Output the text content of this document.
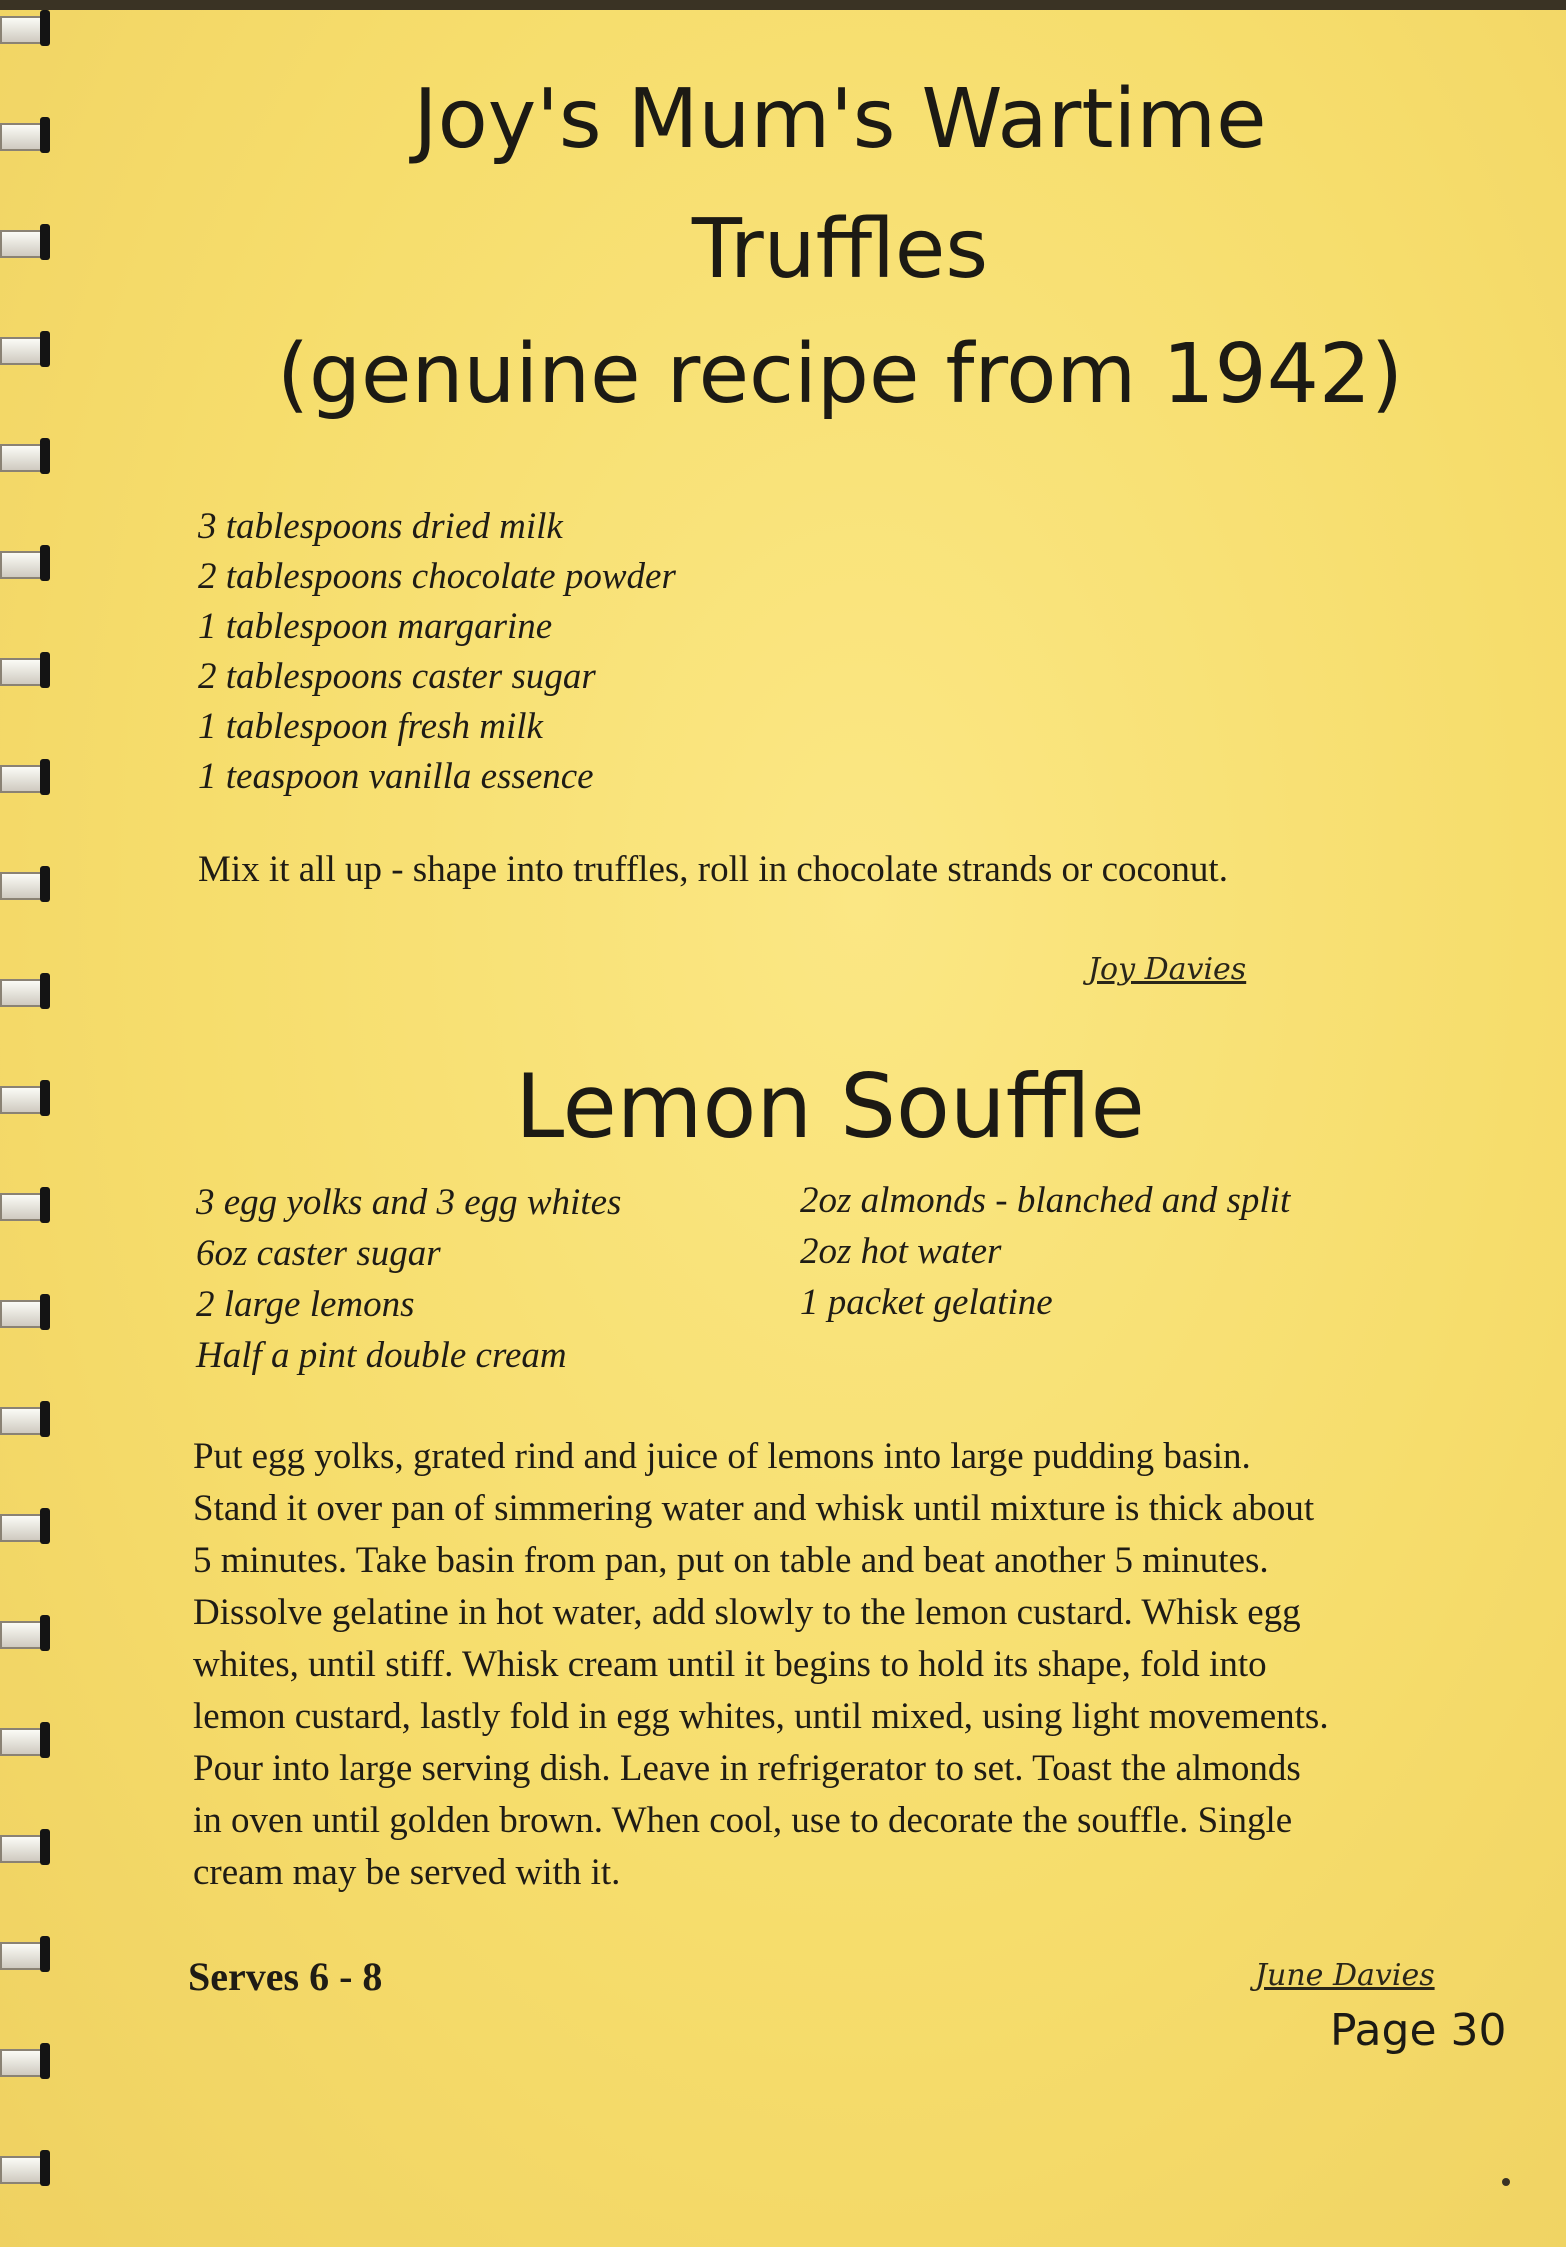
Joy's Mum's Wartime
Truffles
(genuine recipe from 1942)
3 tablespoons dried milk
2 tablespoons chocolate powder
1 tablespoon margarine
2 tablespoons caster sugar
1 tablespoon fresh milk
1 teaspoon vanilla essence

Mix it all up - shape into truffles, roll in chocolate strands or coconut.

Joy Davies
Lemon Souffle
3 egg yolks and 3 egg whites
6oz caster sugar
2 large lemons
Half a pint double cream
2oz almonds - blanched and split
2oz hot water
1 packet gelatine
Put egg yolks, grated rind and juice of lemons into large pudding basin.
Stand it over pan of simmering water and whisk until mixture is thick about
5 minutes. Take basin from pan, put on table and beat another 5 minutes.
Dissolve gelatine in hot water, add slowly to the lemon custard. Whisk egg
whites, until stiff. Whisk cream until it begins to hold its shape, fold into
lemon custard, lastly fold in egg whites, until mixed, using light movements.
Pour into large serving dish. Leave in refrigerator to set. Toast the almonds
in oven until golden brown. When cool, use to decorate the souffle. Single
cream may be served with it.
Serves 6 - 8	June Davies
Page 30
